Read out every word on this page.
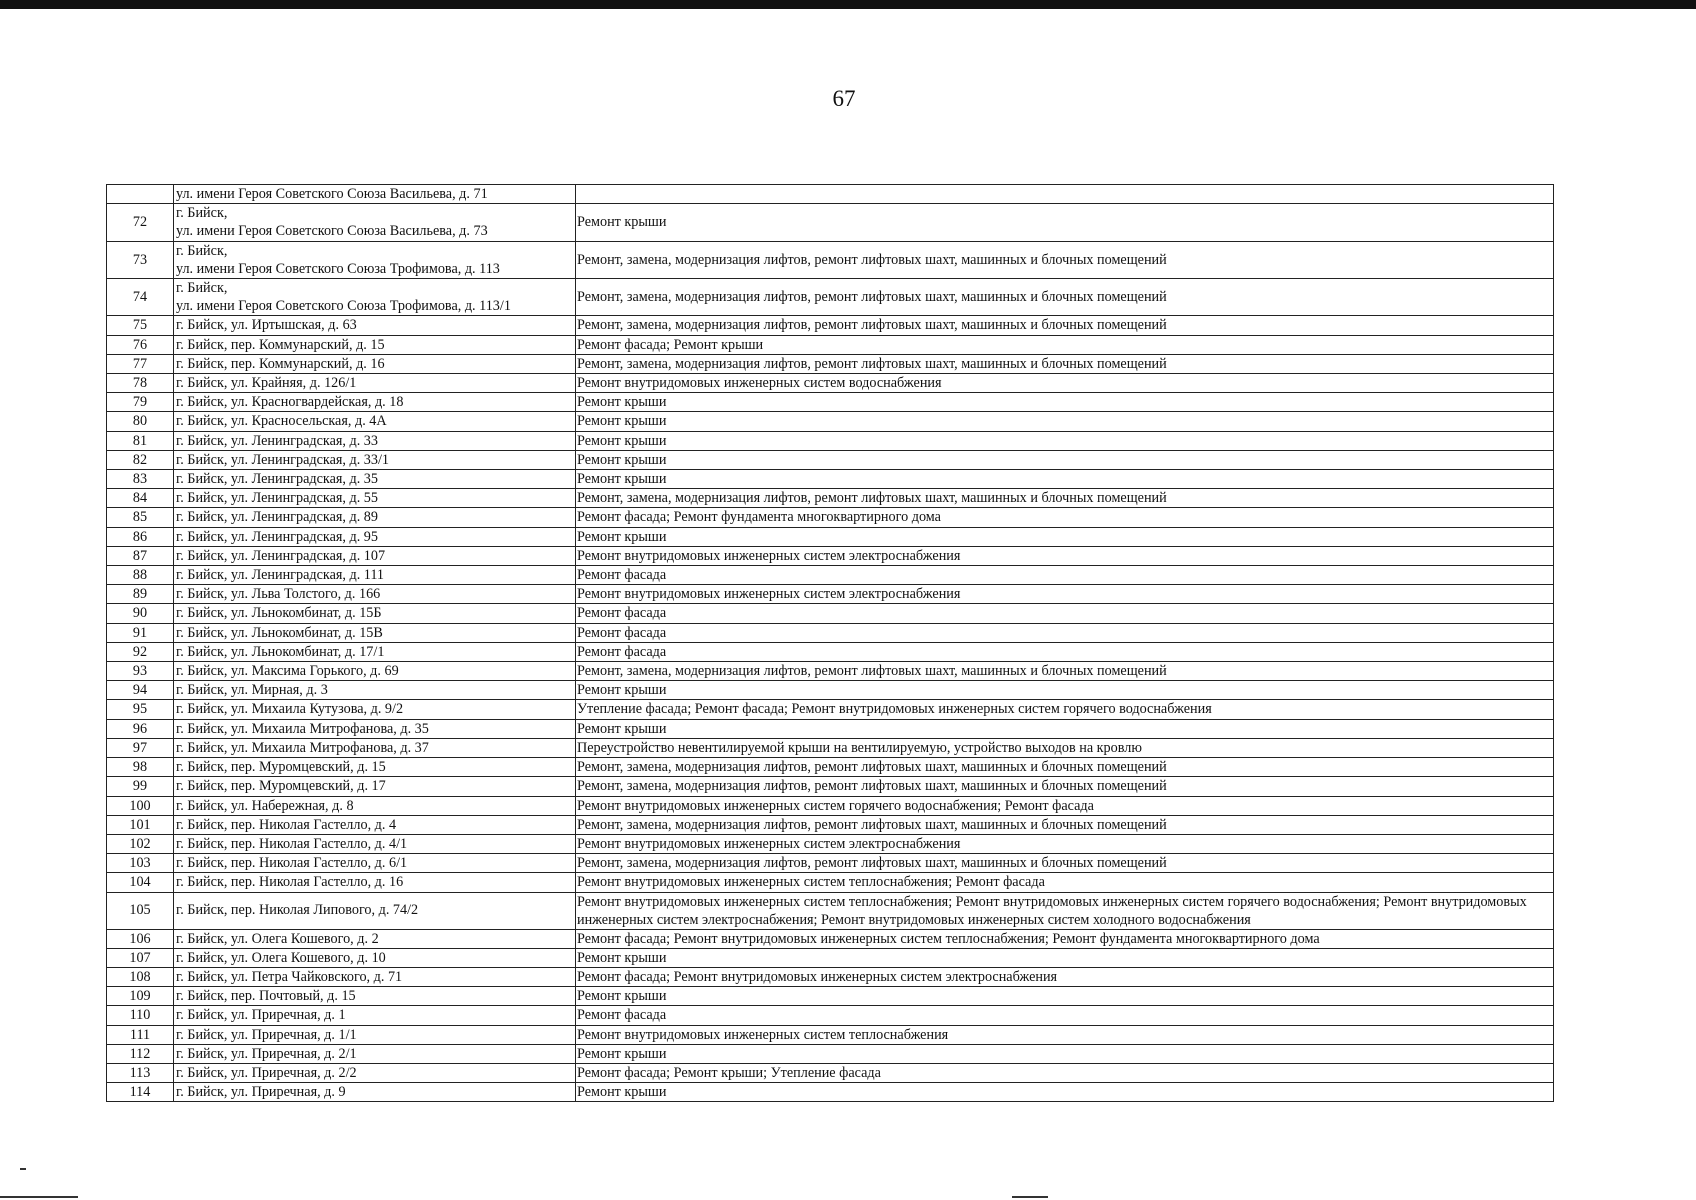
67

	ул. имени Героя Советского Союза Васильева, д. 71	

72	г. Бийск,
ул. имени Героя Советского Союза Васильева, д. 73	Ремонт крыши
73	г. Бийск,
ул. имени Героя Советского Союза Трофимова, д. 113	Ремонт, замена, модернизация лифтов, ремонт лифтовых шахт, машинных и блочных помещений
74	г. Бийск,
ул. имени Героя Советского Союза Трофимова, д. 113/1	Ремонт, замена, модернизация лифтов, ремонт лифтовых шахт, машинных и блочных помещений
75	г. Бийск, ул. Иртышская, д. 63	Ремонт, замена, модернизация лифтов, ремонт лифтовых шахт, машинных и блочных помещений
76	г. Бийск, пер. Коммунарский, д. 15	Ремонт фасада; Ремонт крыши
77	г. Бийск, пер. Коммунарский, д. 16	Ремонт, замена, модернизация лифтов, ремонт лифтовых шахт, машинных и блочных помещений
78	г. Бийск, ул. Крайняя, д. 126/1	Ремонт внутридомовых инженерных систем водоснабжения
79	г. Бийск, ул. Красногвардейская, д. 18	Ремонт крыши
80	г. Бийск, ул. Красносельская, д. 4А	Ремонт крыши
81	г. Бийск, ул. Ленинградская, д. 33	Ремонт крыши
82	г. Бийск, ул. Ленинградская, д. 33/1	Ремонт крыши
83	г. Бийск, ул. Ленинградская, д. 35	Ремонт крыши
84	г. Бийск, ул. Ленинградская, д. 55	Ремонт, замена, модернизация лифтов, ремонт лифтовых шахт, машинных и блочных помещений
85	г. Бийск, ул. Ленинградская, д. 89	Ремонт фасада; Ремонт фундамента многоквартирного дома
86	г. Бийск, ул. Ленинградская, д. 95	Ремонт крыши
87	г. Бийск, ул. Ленинградская, д. 107	Ремонт внутридомовых инженерных систем электроснабжения
88	г. Бийск, ул. Ленинградская, д. 111	Ремонт фасада
89	г. Бийск, ул. Льва Толстого, д. 166	Ремонт внутридомовых инженерных систем электроснабжения
90	г. Бийск, ул. Льнокомбинат, д. 15Б	Ремонт фасада
91	г. Бийск, ул. Льнокомбинат, д. 15В	Ремонт фасада
92	г. Бийск, ул. Льнокомбинат, д. 17/1	Ремонт фасада
93	г. Бийск, ул. Максима Горького, д. 69	Ремонт, замена, модернизация лифтов, ремонт лифтовых шахт, машинных и блочных помещений
94	г. Бийск, ул. Мирная, д. 3	Ремонт крыши
95	г. Бийск, ул. Михаила Кутузова, д. 9/2	Утепление фасада; Ремонт фасада; Ремонт внутридомовых инженерных систем горячего водоснабжения
96	г. Бийск, ул. Михаила Митрофанова, д. 35	Ремонт крыши
97	г. Бийск, ул. Михаила Митрофанова, д. 37	Переустройство невентилируемой крыши на вентилируемую, устройство выходов на кровлю
98	г. Бийск, пер. Муромцевский, д. 15	Ремонт, замена, модернизация лифтов, ремонт лифтовых шахт, машинных и блочных помещений
99	г. Бийск, пер. Муромцевский, д. 17	Ремонт, замена, модернизация лифтов, ремонт лифтовых шахт, машинных и блочных помещений
100	г. Бийск, ул. Набережная, д. 8	Ремонт внутридомовых инженерных систем горячего водоснабжения; Ремонт фасада
101	г. Бийск, пер. Николая Гастелло, д. 4	Ремонт, замена, модернизация лифтов, ремонт лифтовых шахт, машинных и блочных помещений
102	г. Бийск, пер. Николая Гастелло, д. 4/1	Ремонт внутридомовых инженерных систем электроснабжения
103	г. Бийск, пер. Николая Гастелло, д. 6/1	Ремонт, замена, модернизация лифтов, ремонт лифтовых шахт, машинных и блочных помещений
104	г. Бийск, пер. Николая Гастелло, д. 16	Ремонт внутридомовых инженерных систем теплоснабжения; Ремонт фасада
105	г. Бийск, пер. Николая Липового, д. 74/2	Ремонт внутридомовых инженерных систем теплоснабжения; Ремонт внутридомовых инженерных систем горячего водоснабжения; Ремонт внутридомовых инженерных систем электроснабжения; Ремонт внутридомовых инженерных систем холодного водоснабжения
106	г. Бийск, ул. Олега Кошевого, д. 2	Ремонт фасада; Ремонт внутридомовых инженерных систем теплоснабжения; Ремонт фундамента многоквартирного дома
107	г. Бийск, ул. Олега Кошевого, д. 10	Ремонт крыши
108	г. Бийск, ул. Петра Чайковского, д. 71	Ремонт фасада; Ремонт внутридомовых инженерных систем электроснабжения
109	г. Бийск, пер. Почтовый, д. 15	Ремонт крыши
110	г. Бийск, ул. Приречная, д. 1	Ремонт фасада
111	г. Бийск, ул. Приречная, д. 1/1	Ремонт внутридомовых инженерных систем теплоснабжения
112	г. Бийск, ул. Приречная, д. 2/1	Ремонт крыши
113	г. Бийск, ул. Приречная, д. 2/2	Ремонт фасада; Ремонт крыши; Утепление фасада
114	г. Бийск, ул. Приречная, д. 9	Ремонт крыши
